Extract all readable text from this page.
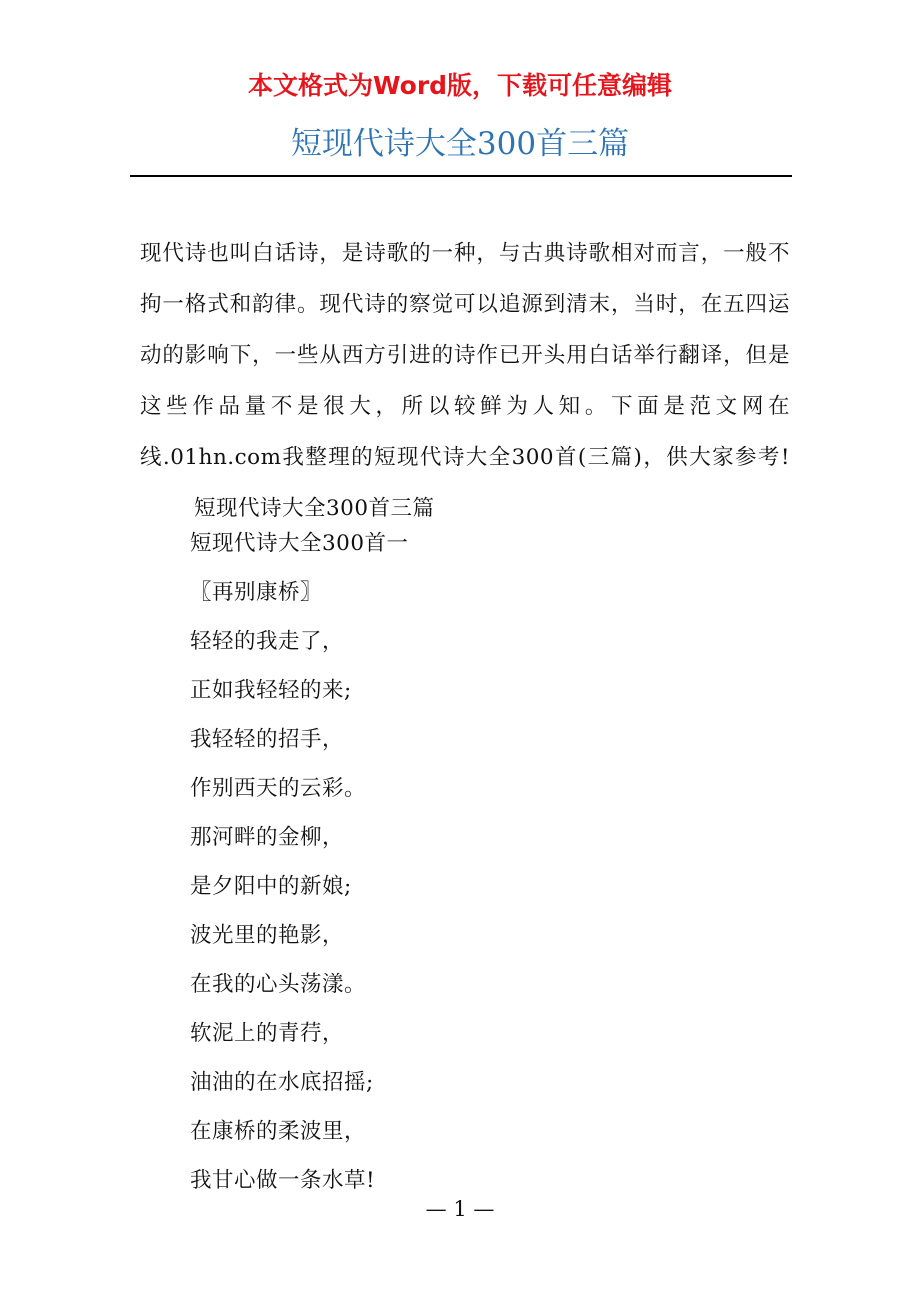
本文格式为Word版，下载可任意编辑
短现代诗大全300首三篇

现代诗也叫白话诗，是诗歌的一种，与古典诗歌相对而言，一般不拘一格式和韵律。现代诗的察觉可以追源到清末，当时，在五四运动的影响下，一些从西方引进的诗作已开头用白话举行翻译，但是这些作品量不是很大，所以较鲜为人知。下面是范文网在线.01hn.com我整理的短现代诗大全300首(三篇)，供大家参考!短现代诗大全300首三篇

短现代诗大全300首一
〖再别康桥〗
轻轻的我走了，
正如我轻轻的来;
我轻轻的招手，
作别西天的云彩。
那河畔的金柳，
是夕阳中的新娘;
波光里的艳影，
在我的心头荡漾。
软泥上的青荇，
油油的在水底招摇;
在康桥的柔波里，
我甘心做一条水草!
— 1 —
